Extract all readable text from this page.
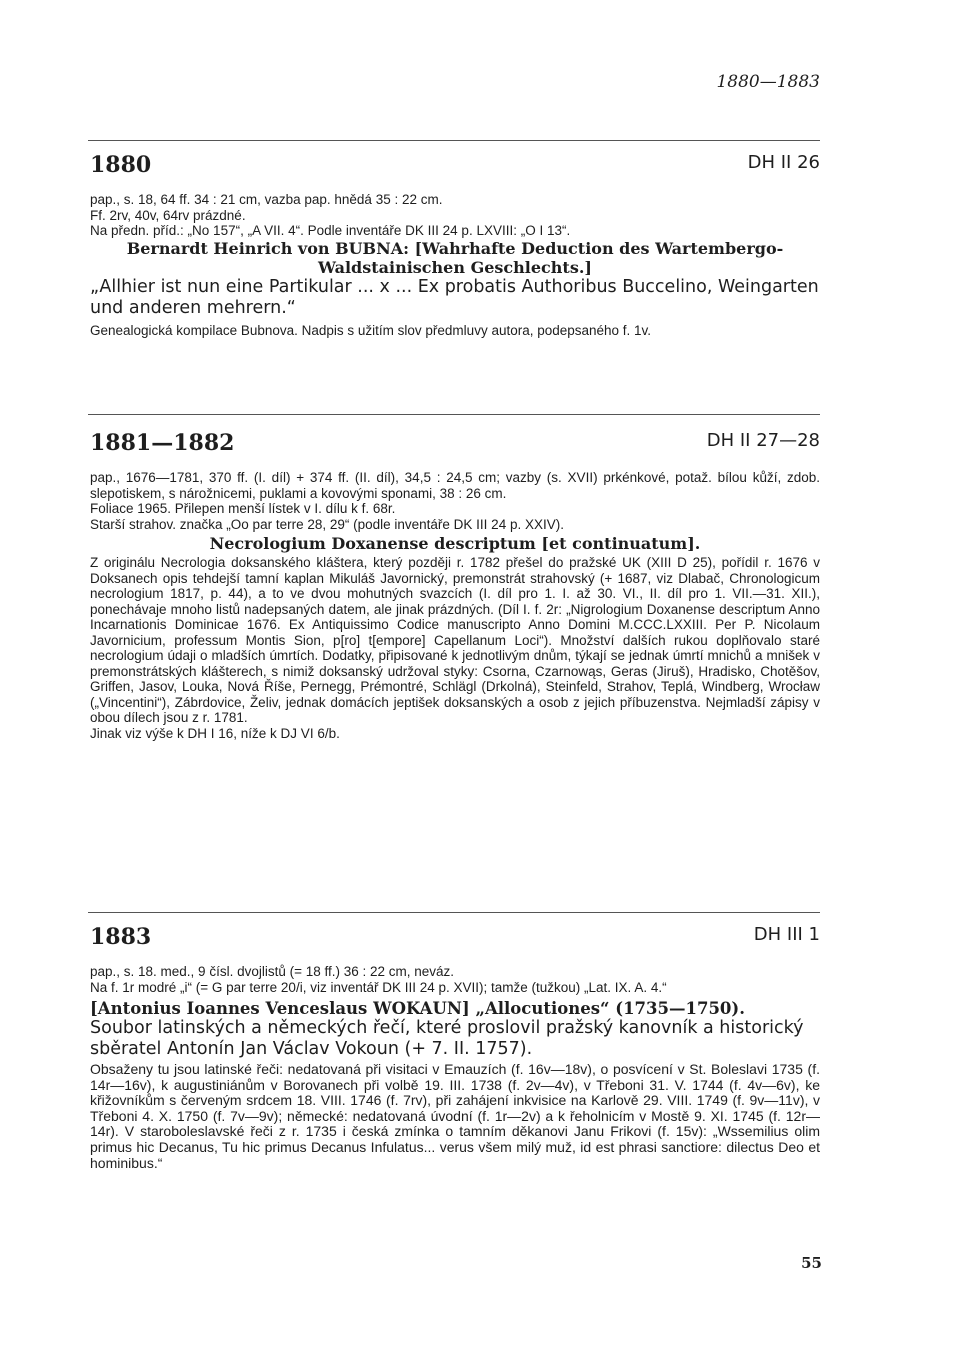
1880—1883
1880	DH II 26

pap., s. 18, 64 ff. 34 : 21 cm, vazba pap. hnědá 35 : 22 cm.

Ff. 2rv, 40v, 64rv prázdné.

Na předn. příd.: „No 157“, „A VII. 4“. Podle inventáře DK III 24 p. LXVIII: „O I 13“.

Bernardt Heinrich von BUBNA: [Wahrhafte Deduction des Wartembergo-Waldstainischen Geschlechts.]

„Allhier ist nun eine Partikular ... x ... Ex probatis Authoribus Buccelino, Weingarten und anderen mehrern.“

Genealogická kompilace Bubnova. Nadpis s užitím slov předmluvy autora, podepsaného f. 1v.

1881—1882	DH II 27—28

pap., 1676—1781, 370 ff. (I. díl) + 374 ff. (II. díl), 34,5 : 24,5 cm; vazby (s. XVII) prkénkové, potaž. bílou kůží, zdob. slepotiskem, s nárožnicemi, puklami a kovovými sponami, 38 : 26 cm.

Foliace 1965. Přilepen menší lístek v I. dílu k f. 68r.

Starší strahov. značka „Oo par terre 28, 29“ (podle inventáře DK III 24 p. XXIV).

Necrologium Doxanense descriptum [et continuatum].

Z originálu Necrologia doksanského kláštera, který později r. 1782 přešel do pražské UK (XIII D 25), pořídil r. 1676 v Doksanech opis tehdejší tamní kaplan Mikuláš Javornický, premonstrát strahovský (+ 1687, viz Dlabač, Chronologicum necrologium 1817, p. 44), a to ve dvou mohutných svazcích (I. díl pro 1. I. až 30. VI., II. díl pro 1. VII.—31. XII.), ponechávaje mnoho listů nadepsaných datem, ale jinak prázdných. (Díl I. f. 2r: „Nigrologium Doxanense descriptum Anno Incarnationis Dominicae 1676. Ex Antiquissimo Codice manuscripto Anno Domini M.CCC.LXXIII. Per P. Nicolaum Javornicium, professum Montis Sion, p[ro] t[empore] Capellanum Loci“). Množství dalších rukou doplňovalo staré necrologium údaji o mladších úmrtích. Dodatky, připisované k jednotlivým dnům, týkají se jednak úmrtí mnichů a mnišek v premonstrátských klášterech, s nimiž doksanský udržoval styky: Csorna, Czarnowąs, Geras (Jiruš), Hradisko, Chotěšov, Griffen, Jasov, Louka, Nová Říše, Pernegg, Prémontré, Schlägl (Drkolná), Steinfeld, Strahov, Teplá, Windberg, Wrocław („Vincentini“), Zábrdovice, Želiv, jednak domácích jeptišek doksanských a osob z jejich příbuzenstva. Nejmladší zápisy v obou dílech jsou z r. 1781.

Jinak viz výše k DH I 16, níže k DJ VI 6/b.

1883	DH III 1

pap., s. 18. med., 9 čísl. dvojlistů (= 18 ff.) 36 : 22 cm, neváz.

Na f. 1r modré „i“ (= G par terre 20/i, viz inventář DK III 24 p. XVII); tamže (tužkou) „Lat. IX. A. 4.“

[Antonius Ioannes Venceslaus WOKAUN] „Allocutiones“ (1735—1750).

Soubor latinských a německých řečí, které proslovil pražský kanovník a historický sběratel Antonín Jan Václav Vokoun (+ 7. II. 1757).

Obsaženy tu jsou latinské řeči: nedatovaná při visitaci v Emauzích (f. 16v—18v), o posvícení v St. Boleslavi 1735 (f. 14r—16v), k augustiniánům v Borovanech při volbě 19. III. 1738 (f. 2v—4v), v Třeboni 31. V. 1744 (f. 4v—6v), ke křižovníkům s červeným srdcem 18. VIII. 1746 (f. 7rv), při zahájení inkvisice na Karlově 29. VIII. 1749 (f. 9v—11v), v Třeboni 4. X. 1750 (f. 7v—9v); německé: nedatovaná úvodní (f. 1r—2v) a k řeholnicím v Mostě 9. XI. 1745 (f. 12r—14r). V staroboleslavské řeči z r. 1735 i česká zmínka o tamním děkanovi Janu Frikovi (f. 15v): „Wssemilius olim primus hic Decanus, Tu hic primus Decanus Infulatus... verus všem milý muž, id est phrasi sanctiore: dilectus Deo et hominibus.“

55
